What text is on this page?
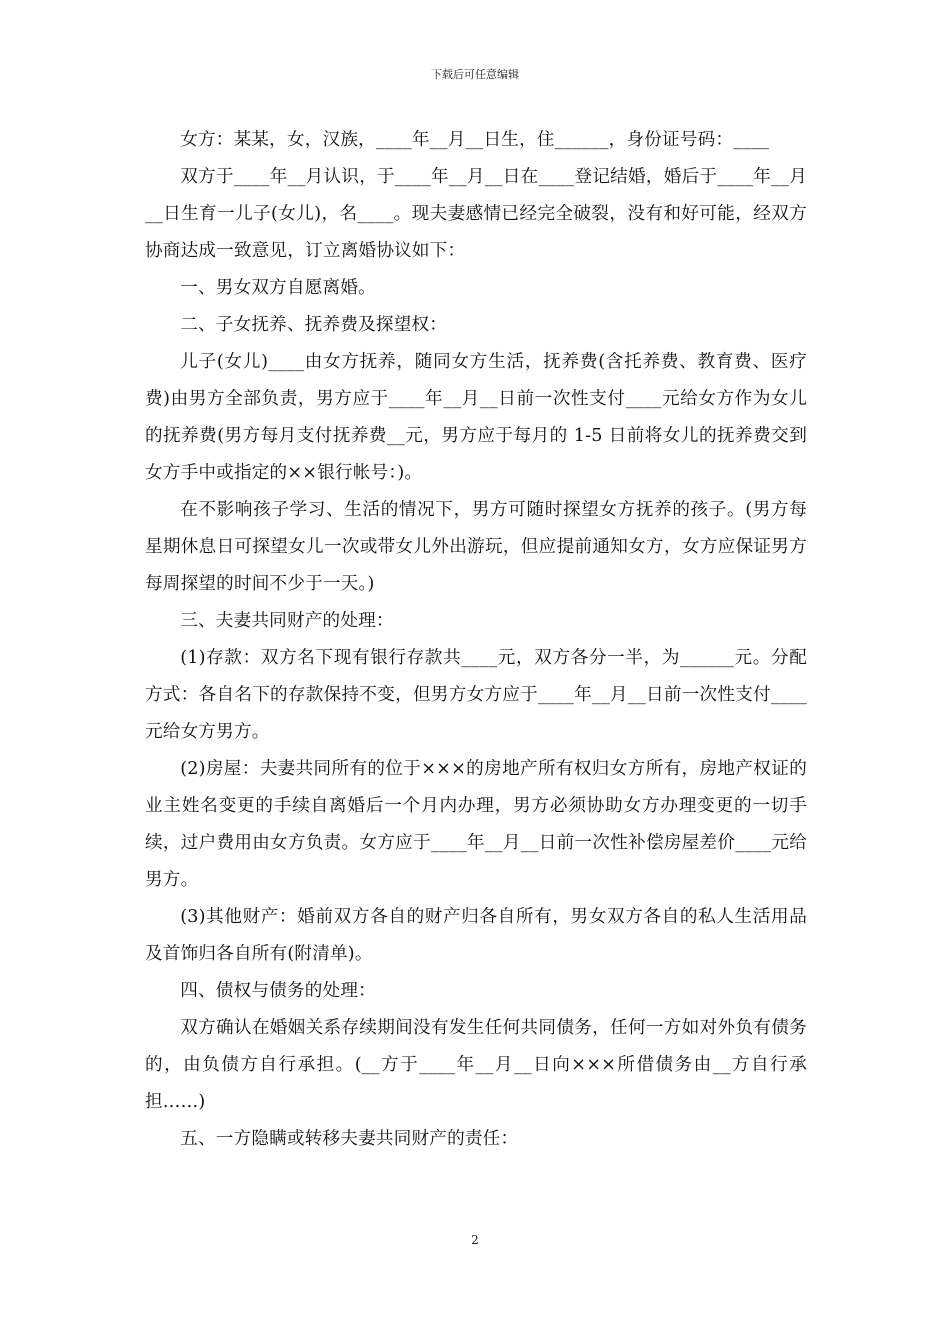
下载后可任意编辑

女方：某某，女，汉族，____年__月__日生，住______，身份证号码：____

双方于____年__月认识，于____年__月__日在____登记结婚，婚后于____年__月__日生育一儿子(女儿)，名____。现夫妻感情已经完全破裂，没有和好可能，经双方协商达成一致意见，订立离婚协议如下：

一、男女双方自愿离婚。

二、子女抚养、抚养费及探望权：

儿子(女儿)____由女方抚养，随同女方生活，抚养费(含托养费、教育费、医疗费)由男方全部负责，男方应于____年__月__日前一次性支付____元给女方作为女儿的抚养费(男方每月支付抚养费__元，男方应于每月的 1-5 日前将女儿的抚养费交到女方手中或指定的××银行帐号：)。

在不影响孩子学习、生活的情况下，男方可随时探望女方抚养的孩子。(男方每星期休息日可探望女儿一次或带女儿外出游玩，但应提前通知女方，女方应保证男方每周探望的时间不少于一天。)

三、夫妻共同财产的处理：

(1)存款：双方名下现有银行存款共____元，双方各分一半，为______元。分配方式：各自名下的存款保持不变，但男方女方应于____年__月__日前一次性支付____元给女方男方。

(2)房屋：夫妻共同所有的位于×××的房地产所有权归女方所有，房地产权证的业主姓名变更的手续自离婚后一个月内办理，男方必须协助女方办理变更的一切手续，过户费用由女方负责。女方应于____年__月__日前一次性补偿房屋差价____元给男方。

(3)其他财产：婚前双方各自的财产归各自所有，男女双方各自的私人生活用品及首饰归各自所有(附清单)。

四、债权与债务的处理：

双方确认在婚姻关系存续期间没有发生任何共同债务，任何一方如对外负有债务的，由负债方自行承担。(__方于____年__月__日向×××所借债务由__方自行承担……)

五、一方隐瞒或转移夫妻共同财产的责任：

2
